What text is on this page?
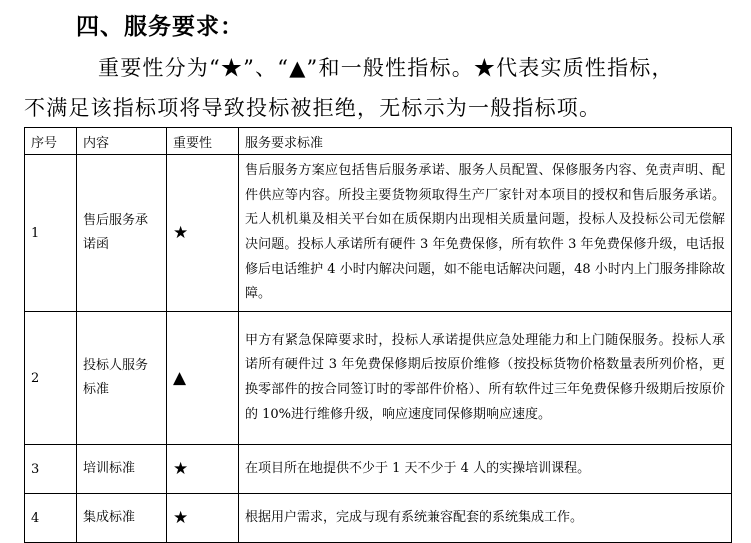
四、服务要求：
重要性分为“★”、“▲”和一般性指标。★代表实质性指标，
不满足该指标项将导致投标被拒绝，无标示为一般指标项。
序号	内容	重要性	服务要求标准
1	售后服务承诺函	★	售后服务方案应包括售后服务承诺、服务人员配置、保修服务内容、免责声明、配件供应等内容。所投主要货物须取得生产厂家针对本项目的授权和售后服务承诺。无人机机巢及相关平台如在质保期内出现相关质量问题，投标人及投标公司无偿解决问题。投标人承诺所有硬件 3 年免费保修，所有软件 3 年免费保修升级，电话报修后电话维护 4 小时内解决问题，如不能电话解决问题，48 小时内上门服务排除故障。
2	投标人服务标准	▲	甲方有紧急保障要求时，投标人承诺提供应急处理能力和上门随保服务。投标人承诺所有硬件过 3 年免费保修期后按原价维修（按投标货物价格数量表所列价格，更换零部件的按合同签订时的零部件价格）、所有软件过三年免费保修升级期后按原价的 10%进行维修升级，响应速度同保修期响应速度。
3	培训标准	★	在项目所在地提供不少于 1 天不少于 4 人的实操培训课程。
4	集成标准	★	根据用户需求，完成与现有系统兼容配套的系统集成工作。
